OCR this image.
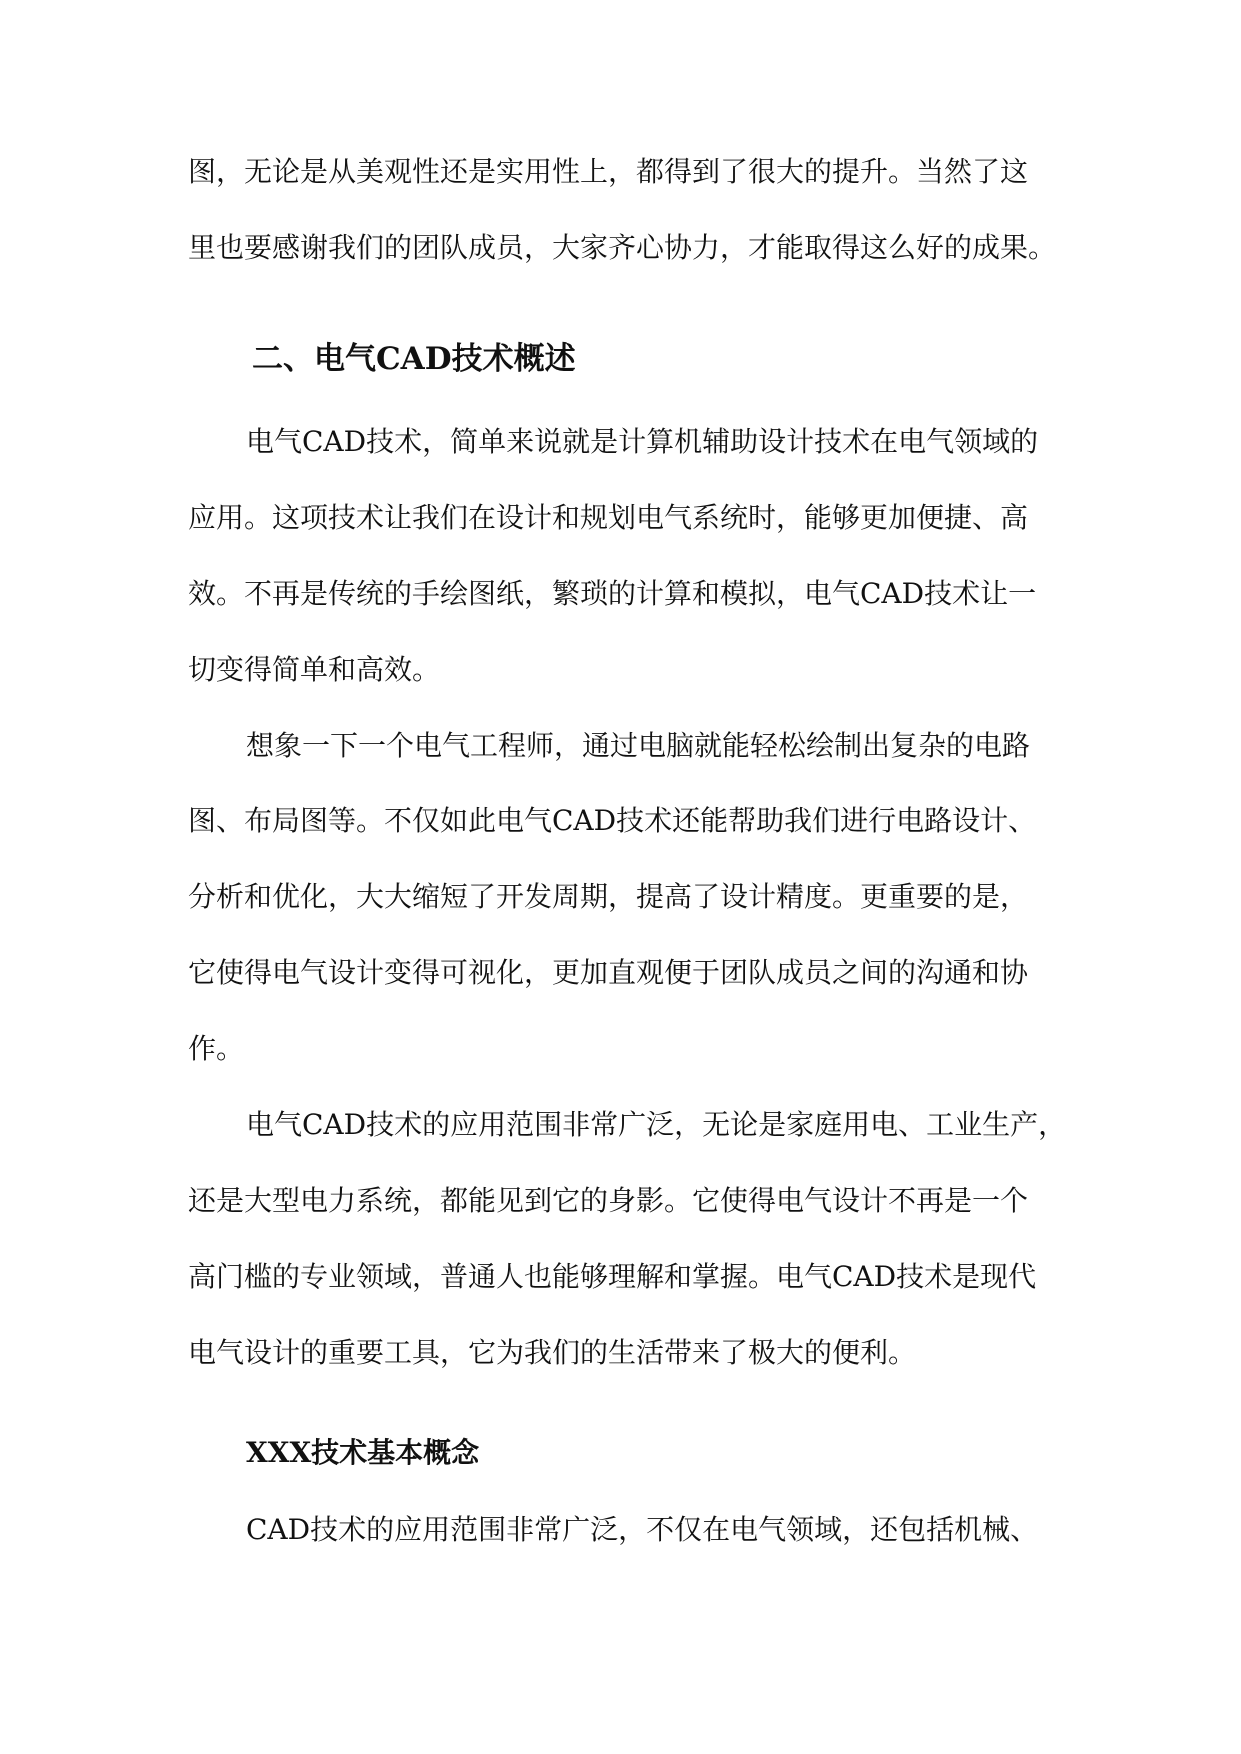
图，无论是从美观性还是实用性上，都得到了很大的提升。当然了这
里也要感谢我们的团队成员，大家齐心协力，才能取得这么好的成果。
二、电气CAD技术概述
电气CAD技术，简单来说就是计算机辅助设计技术在电气领域的
应用。这项技术让我们在设计和规划电气系统时，能够更加便捷、高
效。不再是传统的手绘图纸，繁琐的计算和模拟，电气CAD技术让一
切变得简单和高效。
想象一下一个电气工程师，通过电脑就能轻松绘制出复杂的电路
图、布局图等。不仅如此电气CAD技术还能帮助我们进行电路设计、
分析和优化，大大缩短了开发周期，提高了设计精度。更重要的是，
它使得电气设计变得可视化，更加直观便于团队成员之间的沟通和协
作。
电气CAD技术的应用范围非常广泛，无论是家庭用电、工业生产，
还是大型电力系统，都能见到它的身影。它使得电气设计不再是一个
高门槛的专业领域，普通人也能够理解和掌握。电气CAD技术是现代
电气设计的重要工具，它为我们的生活带来了极大的便利。
XXX技术基本概念
CAD技术的应用范围非常广泛，不仅在电气领域，还包括机械、
